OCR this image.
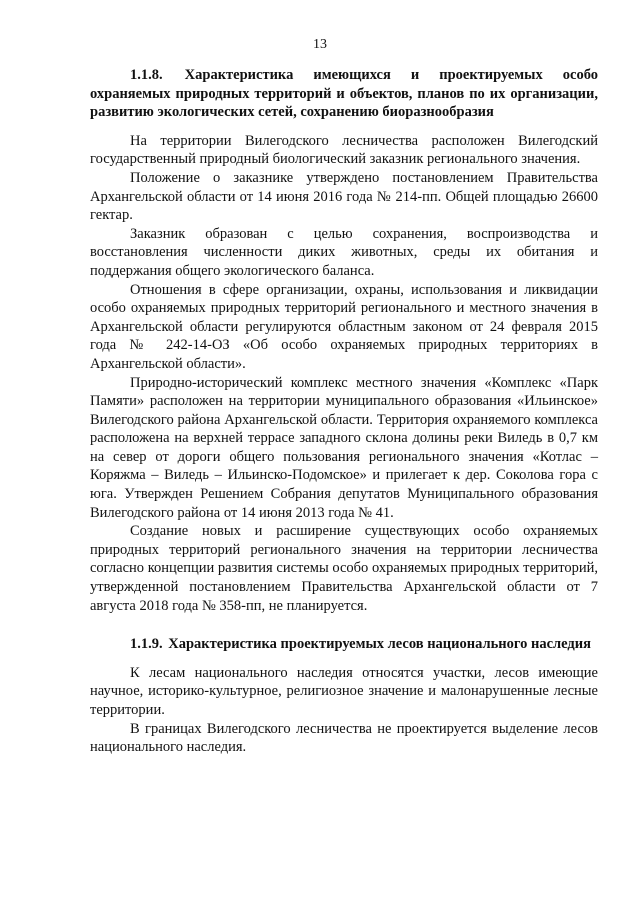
13

1.1.8. Характеристика имеющихся и проектируемых особо охраняемых природных территорий и объектов, планов по их организации, развитию экологических сетей, сохранению биоразнообразия

На территории Вилегодского лесничества расположен Вилегодский государственный природный биологический заказник регионального значения.

Положение о заказнике утверждено постановлением Правительства Архангельской области от 14 июня 2016 года № 214-пп. Общей площадью 26600 гектар.

Заказник образован с целью сохранения, воспроизводства и восстановления численности диких животных, среды их обитания и поддержания общего экологического баланса.

Отношения в сфере организации, охраны, использования и ликвидации особо охраняемых природных территорий регионального и местного значения в Архангельской области регулируются областным законом от 24 февраля 2015 года № 242-14-ОЗ «Об особо охраняемых природных территориях в Архангельской области».

Природно-исторический комплекс местного значения «Комплекс «Парк Памяти» расположен на территории муниципального образования «Ильинское» Вилегодского района Архангельской области. Территория охраняемого комплекса расположена на верхней террасе западного склона долины реки Виледь в 0,7 км на север от дороги общего пользования регионального значения «Котлас – Коряжма – Виледь – Ильинско-Подомское» и прилегает к дер. Соколова гора с юга. Утвержден Решением Собрания депутатов Муниципального образования Вилегодского района от 14 июня 2013 года № 41.

Создание новых и расширение существующих особо охраняемых природных территорий регионального значения на территории лесничества согласно концепции развития системы особо охраняемых природных территорий, утвержденной постановлением Правительства Архангельской области от 7 августа 2018 года № 358-пп, не планируется.

1.1.9. Характеристика проектируемых лесов национального наследия

К лесам национального наследия относятся участки, лесов имеющие научное, историко-культурное, религиозное значение и малонарушенные лесные территории.

В границах Вилегодского лесничества не проектируется выделение лесов национального наследия.
